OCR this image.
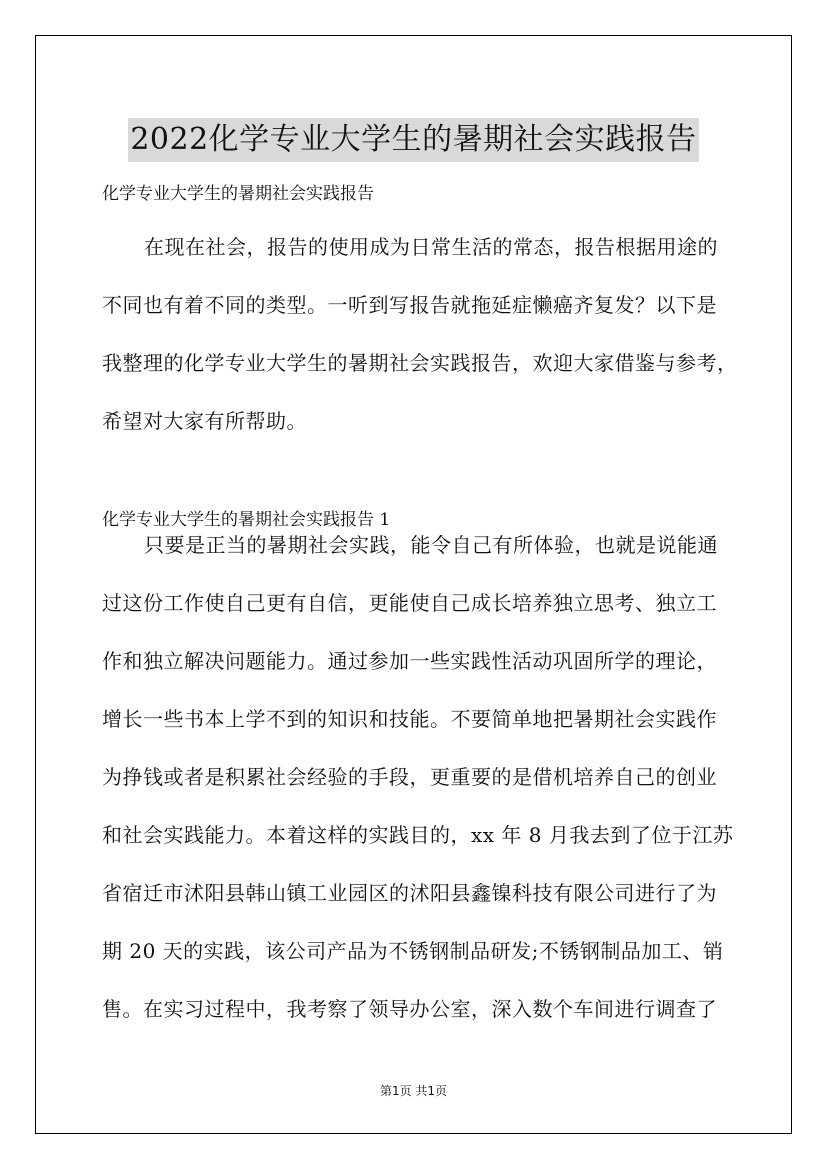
2022化学专业大学生的暑期社会实践报告
化学专业大学生的暑期社会实践报告
在现在社会，报告的使用成为日常生活的常态，报告根据用途的
不同也有着不同的类型。一听到写报告就拖延症懒癌齐复发？以下是
我整理的化学专业大学生的暑期社会实践报告，欢迎大家借鉴与参考，
希望对大家有所帮助。
化学专业大学生的暑期社会实践报告 1
只要是正当的暑期社会实践，能令自己有所体验，也就是说能通
过这份工作使自己更有自信，更能使自己成长培养独立思考、独立工
作和独立解决问题能力。通过参加一些实践性活动巩固所学的理论，
增长一些书本上学不到的知识和技能。不要简单地把暑期社会实践作
为挣钱或者是积累社会经验的手段，更重要的是借机培养自己的创业
和社会实践能力。本着这样的实践目的，xx 年 8 月我去到了位于江苏
省宿迁市沭阳县韩山镇工业园区的沭阳县鑫镍科技有限公司进行了为
期 20 天的实践，该公司产品为不锈钢制品研发;不锈钢制品加工、销
售。在实习过程中，我考察了领导办公室，深入数个车间进行调查了
第1页 共1页
